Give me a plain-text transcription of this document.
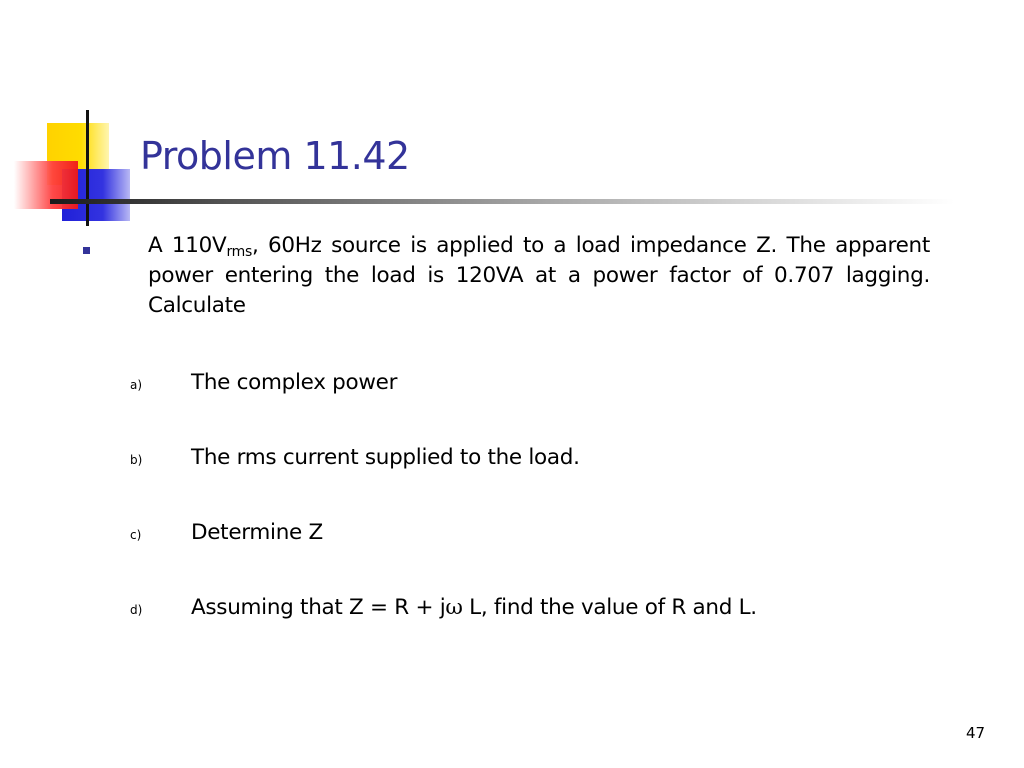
Problem 11.42

A $110V_{rms}$, 60Hz source is applied to a load impedance Z. The apparent power entering the load is 120VA at a power factor of 0.707 lagging. Calculate

a) The complex power
b) The rms current supplied to the load.
c) Determine Z
d) Assuming that Z = R + jω L, find the value of R and L.
47
